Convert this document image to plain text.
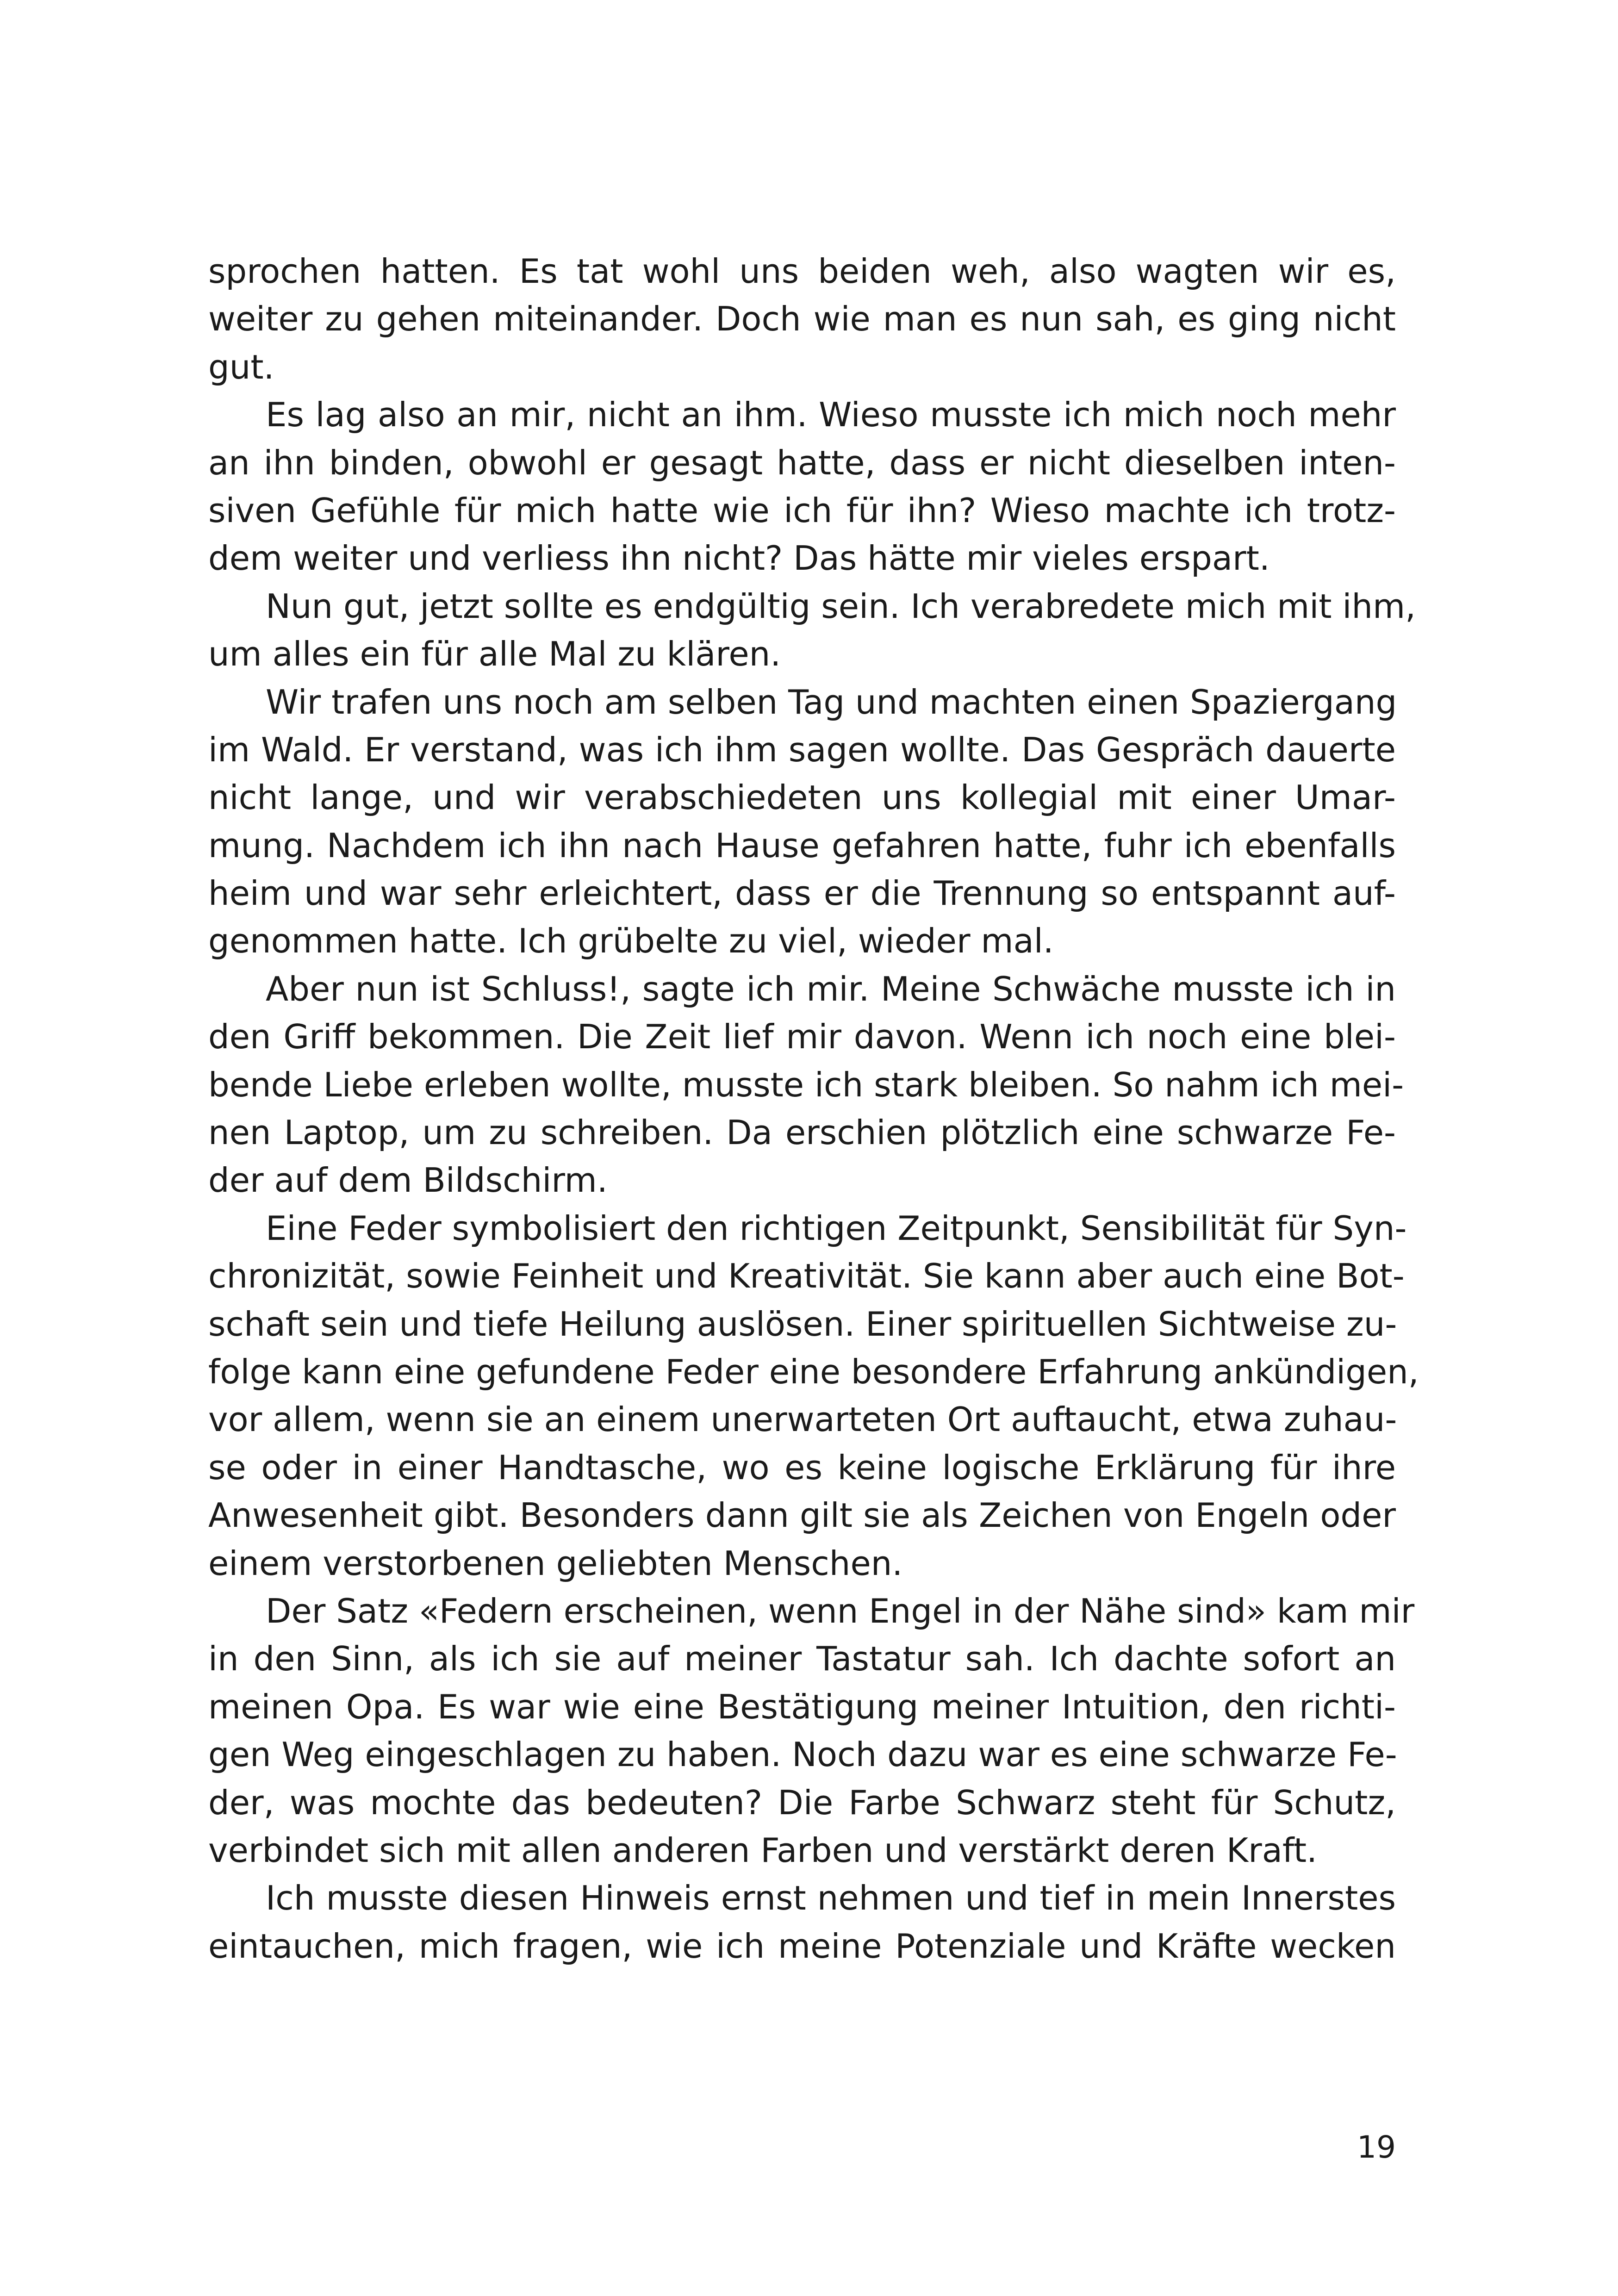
sprochen hatten. Es tat wohl uns beiden weh, also wagten wir es,
weiter zu gehen miteinander. Doch wie man es nun sah, es ging nicht
gut.
Es lag also an mir, nicht an ihm. Wieso musste ich mich noch mehr
an ihn binden, obwohl er gesagt hatte, dass er nicht dieselben inten-
siven Gefühle für mich hatte wie ich für ihn? Wieso machte ich trotz-
dem weiter und verliess ihn nicht? Das hätte mir vieles erspart.
Nun gut, jetzt sollte es endgültig sein. Ich verabredete mich mit ihm,
um alles ein für alle Mal zu klären.
Wir trafen uns noch am selben Tag und machten einen Spaziergang
im Wald. Er verstand, was ich ihm sagen wollte. Das Gespräch dauerte
nicht lange, und wir verabschiedeten uns kollegial mit einer Umar-
mung. Nachdem ich ihn nach Hause gefahren hatte, fuhr ich ebenfalls
heim und war sehr erleichtert, dass er die Trennung so entspannt auf-
genommen hatte. Ich grübelte zu viel, wieder mal.
Aber nun ist Schluss!, sagte ich mir. Meine Schwäche musste ich in
den Griff bekommen. Die Zeit lief mir davon. Wenn ich noch eine blei-
bende Liebe erleben wollte, musste ich stark bleiben. So nahm ich mei-
nen Laptop, um zu schreiben. Da erschien plötzlich eine schwarze Fe-
der auf dem Bildschirm.
Eine Feder symbolisiert den richtigen Zeitpunkt, Sensibilität für Syn-
chronizität, sowie Feinheit und Kreativität. Sie kann aber auch eine Bot-
schaft sein und tiefe Heilung auslösen. Einer spirituellen Sichtweise zu-
folge kann eine gefundene Feder eine besondere Erfahrung ankündigen,
vor allem, wenn sie an einem unerwarteten Ort auftaucht, etwa zuhau-
se oder in einer Handtasche, wo es keine logische Erklärung für ihre
Anwesenheit gibt. Besonders dann gilt sie als Zeichen von Engeln oder
einem verstorbenen geliebten Menschen.
Der Satz «Federn erscheinen, wenn Engel in der Nähe sind» kam mir
in den Sinn, als ich sie auf meiner Tastatur sah. Ich dachte sofort an
meinen Opa. Es war wie eine Bestätigung meiner Intuition, den richti-
gen Weg eingeschlagen zu haben. Noch dazu war es eine schwarze Fe-
der, was mochte das bedeuten? Die Farbe Schwarz steht für Schutz,
verbindet sich mit allen anderen Farben und verstärkt deren Kraft.
Ich musste diesen Hinweis ernst nehmen und tief in mein Innerstes
eintauchen, mich fragen, wie ich meine Potenziale und Kräfte wecken
19
